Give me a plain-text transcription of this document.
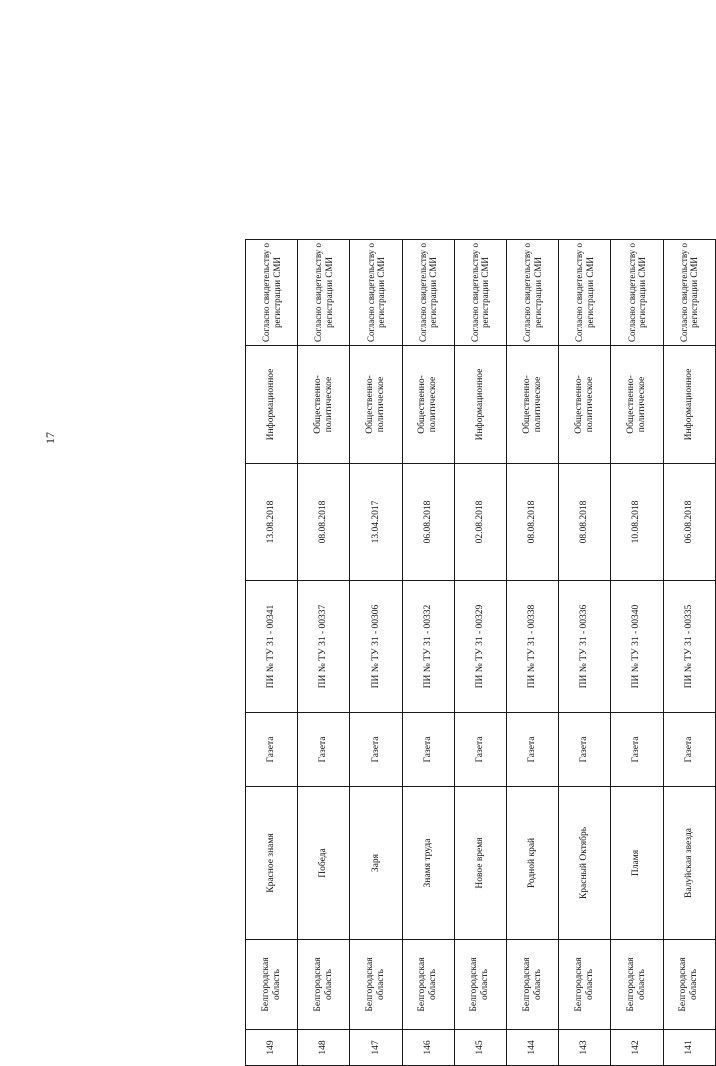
17
149	Белгородская область	Красное знамя	Газета	ПИ № ТУ 31 - 00341	13.08.2018	Информационное	Согласно свидетельству о регистрации СМИ
148	Белгородская область	Победа	Газета	ПИ № ТУ 31 - 00337	08.08.2018	Общественно-политическое	Согласно свидетельству о регистрации СМИ
147	Белгородская область	Заря	Газета	ПИ № ТУ 31 - 00306	13.04.2017	Общественно-политическое	Согласно свидетельству о регистрации СМИ
146	Белгородская область	Знамя труда	Газета	ПИ № ТУ 31 - 00332	06.08.2018	Общественно-политическое	Согласно свидетельству о регистрации СМИ
145	Белгородская область	Новое время	Газета	ПИ № ТУ 31 - 00329	02.08.2018	Информационное	Согласно свидетельству о регистрации СМИ
144	Белгородская область	Родной край	Газета	ПИ № ТУ 31 - 00338	08.08.2018	Общественно-политическое	Согласно свидетельству о регистрации СМИ
143	Белгородская область	Красный Октябрь	Газета	ПИ № ТУ 31 - 00336	08.08.2018	Общественно-политическое	Согласно свидетельству о регистрации СМИ
142	Белгородская область	Пламя	Газета	ПИ № ТУ 31 - 00340	10.08.2018	Общественно-политическое	Согласно свидетельству о регистрации СМИ
141	Белгородская область	Валуйская звезда	Газета	ПИ № ТУ 31 - 00335	06.08.2018	Информационное	Согласно свидетельству о регистрации СМИ
